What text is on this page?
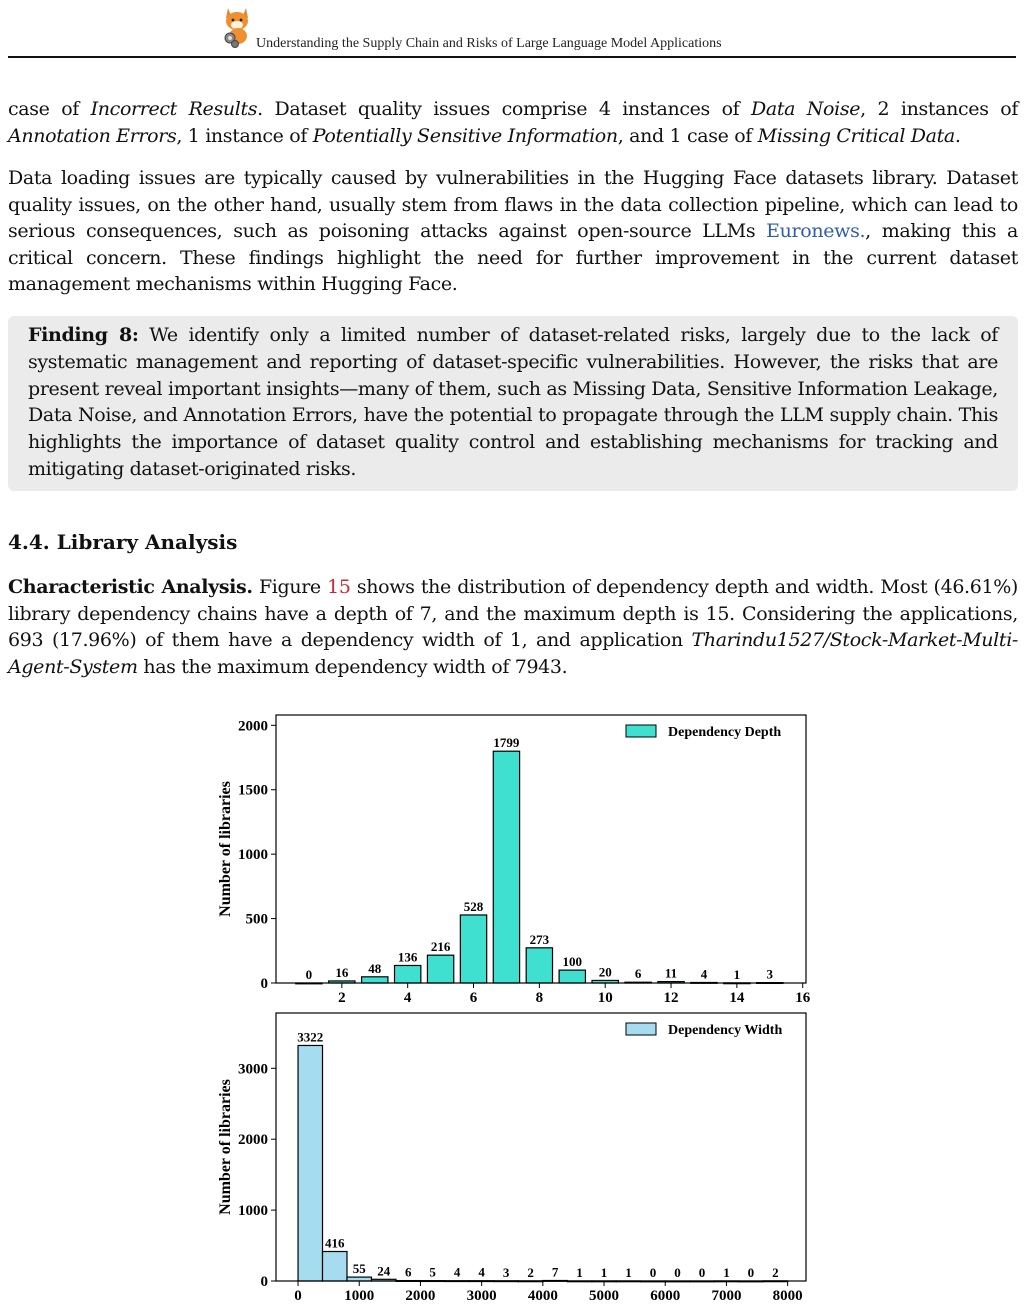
Understanding the Supply Chain and Risks of Large Language Model Applications
case of Incorrect Results. Dataset quality issues comprise 4 instances of Data Noise, 2 instances of Annotation Errors, 1 instance of Potentially Sensitive Information, and 1 case of Missing Critical Data.
Data loading issues are typically caused by vulnerabilities in the Hugging Face datasets library. Dataset quality issues, on the other hand, usually stem from flaws in the data collection pipeline, which can lead to serious consequences, such as poisoning attacks against open-source LLMs Euronews., making this a critical concern. These findings highlight the need for further improvement in the current dataset management mechanisms within Hugging Face.
Finding 8: We identify only a limited number of dataset-related risks, largely due to the lack of systematic management and reporting of dataset-specific vulnerabilities. However, the risks that are present reveal important insights—many of them, such as Missing Data, Sensitive Information Leakage, Data Noise, and Annotation Errors, have the potential to propagate through the LLM supply chain. This highlights the importance of dataset quality control and establishing mechanisms for tracking and mitigating dataset-originated risks.
4.4. Library Analysis
Characteristic Analysis. Figure 15 shows the distribution of dependency depth and width. Most (46.61%) library dependency chains have a depth of 7, and the maximum depth is 15. Considering the applications, 693 (17.96%) of them have a dependency width of 1, and application Tharindu1527/Stock-Market-Multi-Agent-System has the maximum dependency width of 7943.
0 16 48
136
216
528
1799
273
100
20 6 11 4 1 3
2	4	6	8	10	12	14	16
0
500
1000
1500
2000
Number of libraries
Dependency Depth
3322
416
55 24 6 5 4 4 3 2 7 1 1 1 0 0 0 1 0 2
0	1000 2000 3000 4000 5000 6000 7000 8000
0
1000
2000
3000
Number of libraries
Dependency Width
